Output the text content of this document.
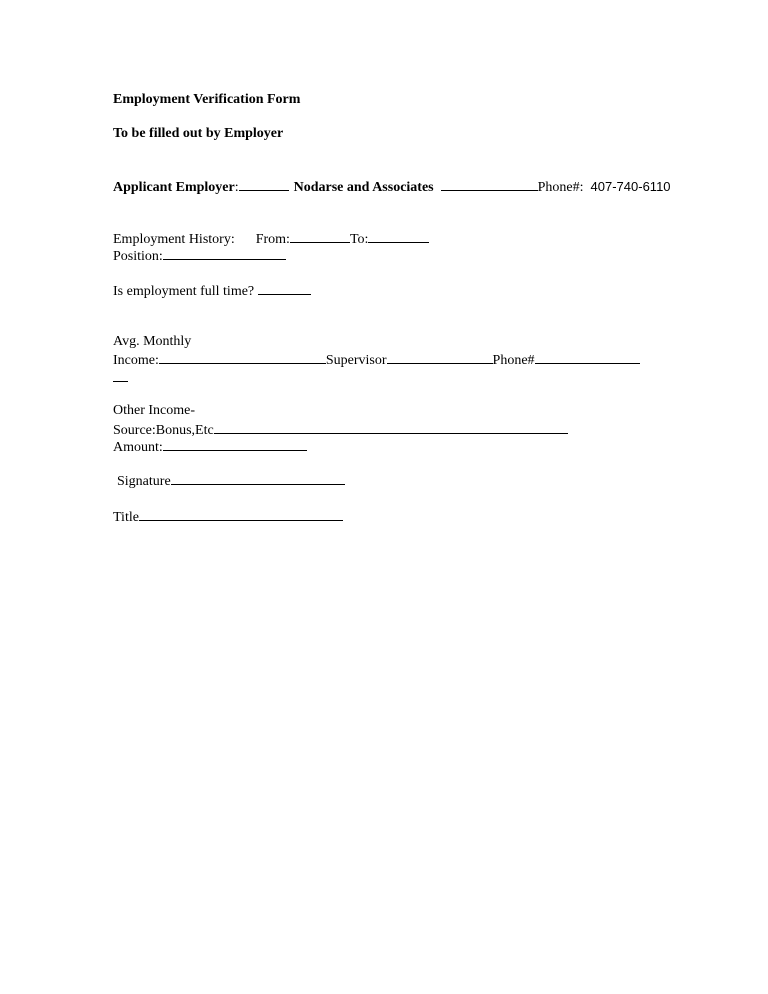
Employment Verification Form
To be filled out by Employer
Applicant Employer:	Nodarse and Associates	Phone#: 407-740-6110
Employment History: From:	To:
Position:
Is employment full time?
Avg. Monthly
Income:	Supervisor	Phone#
Other Income-
Source:Bonus,Etc
Amount:
Signature
Title
